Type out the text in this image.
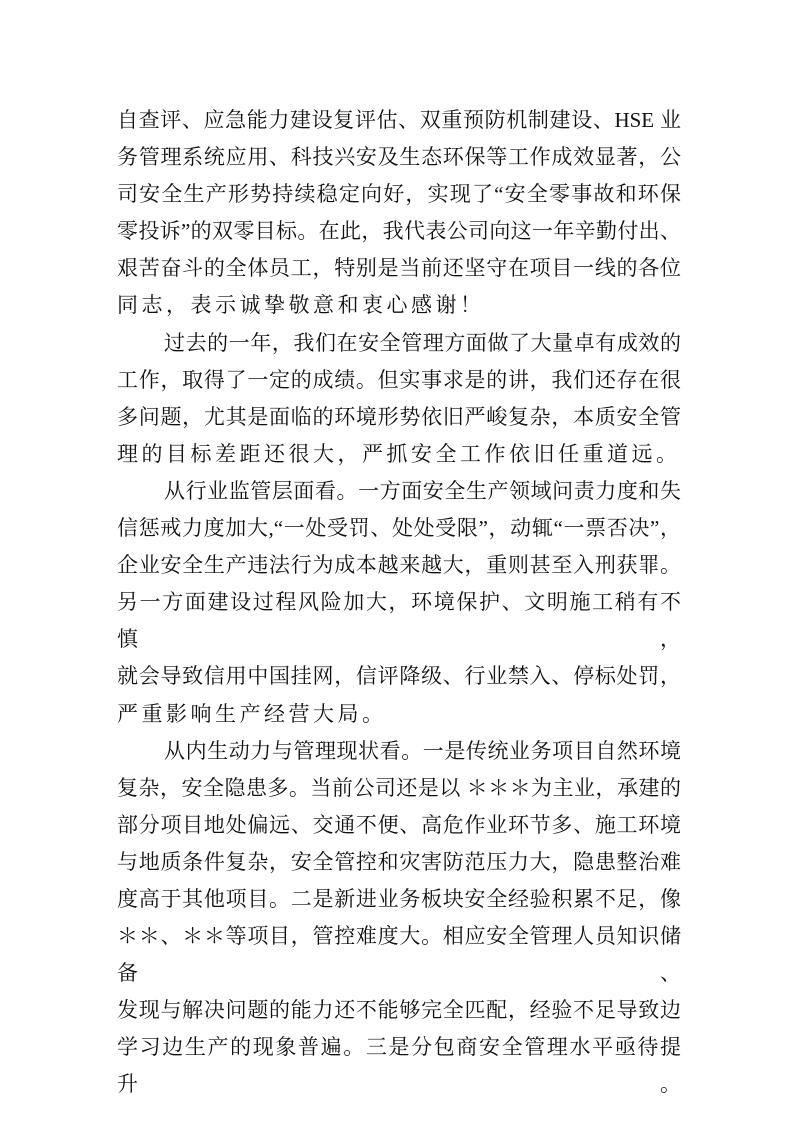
自查评、应急能力建设复评估、双重预防机制建设、HSE 业
务管理系统应用、科技兴安及生态环保等工作成效显著，公
司安全生产形势持续稳定向好，实现了“安全零事故和环保
零投诉”的双零目标。在此，我代表公司向这一年辛勤付出、
艰苦奋斗的全体员工，特别是当前还坚守在项目一线的各位
同志，表示诚挚敬意和衷心感谢！
过去的一年，我们在安全管理方面做了大量卓有成效的
工作，取得了一定的成绩。但实事求是的讲，我们还存在很
多问题，尤其是面临的环境形势依旧严峻复杂，本质安全管
理的目标差距还很大，严抓安全工作依旧任重道远。
从行业监管层面看。一方面安全生产领域问责力度和失
信惩戒力度加大,“一处受罚、处处受限”，动辄“一票否决”，
企业安全生产违法行为成本越来越大，重则甚至入刑获罪。
另一方面建设过程风险加大，环境保护、文明施工稍有不慎，
就会导致信用中国挂网，信评降级、行业禁入、停标处罚，
严重影响生产经营大局。
从内生动力与管理现状看。一是传统业务项目自然环境
复杂，安全隐患多。当前公司还是以 ＊＊＊为主业，承建的
部分项目地处偏远、交通不便、高危作业环节多、施工环境
与地质条件复杂，安全管控和灾害防范压力大，隐患整治难
度高于其他项目。二是新进业务板块安全经验积累不足，像
＊＊、＊＊等项目，管控难度大。相应安全管理人员知识储备、
发现与解决问题的能力还不能够完全匹配，经验不足导致边
学习边生产的现象普遍。三是分包商安全管理水平亟待提升。
